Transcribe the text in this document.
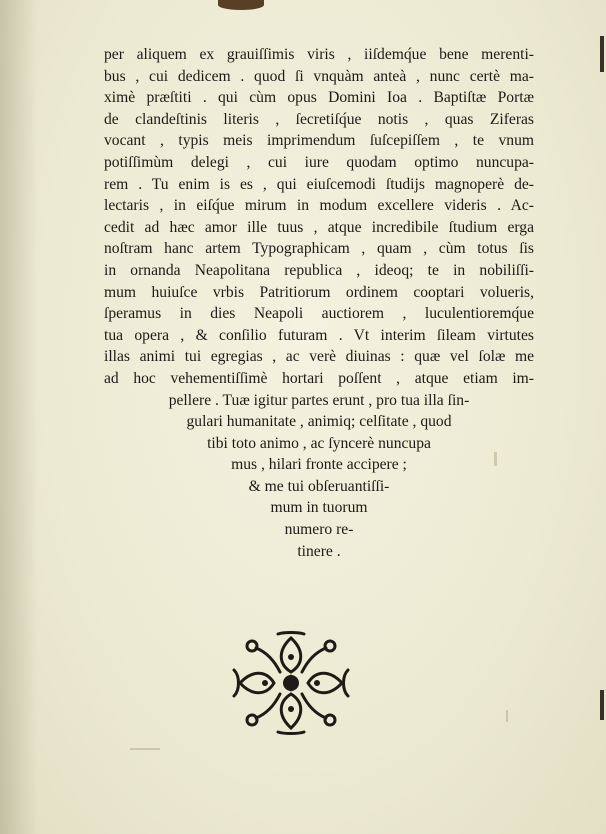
per aliquem ex grauiſſimis viris , iiſdemq́ue bene merenti-
bus , cui dedicem . quod ſi vnquàm anteà , nunc certè ma-
ximè præſtiti . qui cùm opus Domini Ioa . Baptiſtæ Portæ
de clandeſtinis literis , ſecretiſq́ue notis , quas Ziferas
vocant , typis meis imprimendum ſuſcepiſſem , te vnum
potiſſimùm delegi , cui iure quodam optimo nuncupa-
rem . Tu enim is es , qui eiuſcemodi ſtudijs magnoperè de-
lectaris , in eiſq́ue mirum in modum excellere videris . Ac-
cedit ad hæc amor ille tuus , atque incredibile ſtudium erga
noſtram hanc artem Typographicam , quam , cùm totus ſis
in ornanda Neapolitana republica , ideoq; te in nobiliſſi-
mum huiuſce vrbis Patritiorum ordinem cooptari volueris,
ſperamus in dies Neapoli auctiorem , luculentioremq́ue
tua opera , & conſilio futuram . Vt interim ſileam virtutes
illas animi tui egregias , ac verè diuinas : quæ vel ſolæ me
ad hoc vehementiſſimè hortari poſſent , atque etiam im-
pellere . Tuæ igitur partes erunt , pro tua illa ſin-
gulari humanitate , animiq; celſitate , quod
tibi toto animo , ac ſyncerè nuncupa
mus , hilari fronte accipere ;
& me tui obſeruantiſſi-
mum in tuorum
numero re-
tinere .
